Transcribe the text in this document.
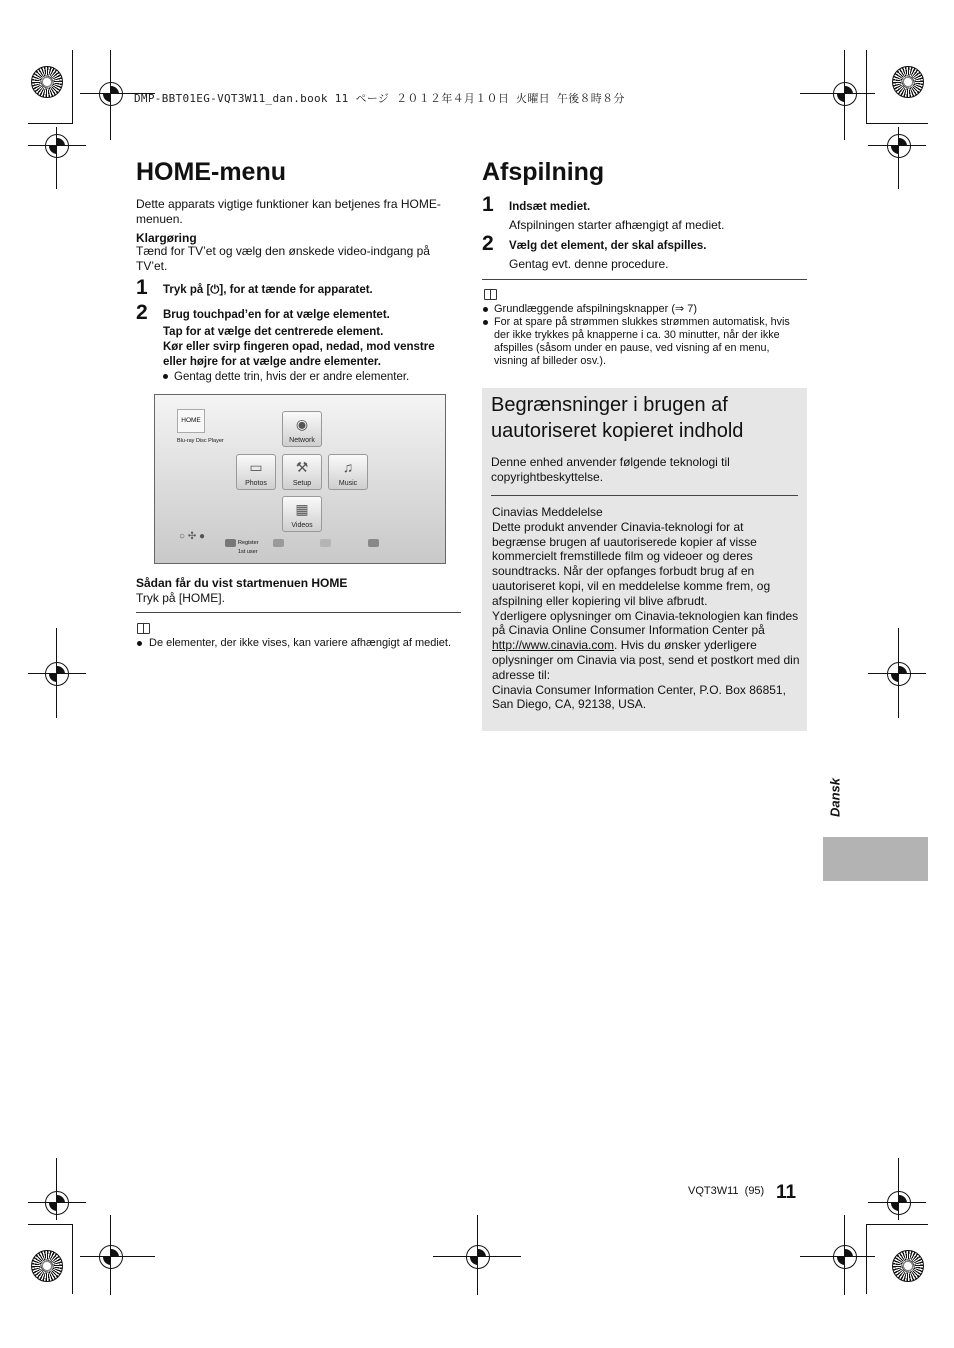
DMP-BBT01EG-VQT3W11_dan.book 11 ページ ２０１２年４月１０日 火曜日 午後８時８分
HOME-menu
Dette apparats vigtige funktioner kan betjenes fra HOME-menuen.
Klargøring
Tænd for TV’et og vælg den ønskede video-indgang på TV’et.
1 Tryk på [⏻], for at tænde for apparatet.
2 Brug touchpad’en for at vælge elementet.
Tap for at vælge det centrerede element.
Kør eller svirp fingeren opad, nedad, mod venstre
eller højre for at vælge andre elementer.
Gentag dette trin, hvis der er andre elementer.
HOME
Blu-ray Disc Player
◉
Network
▭
Photos
⚒
Setup
♫
Music
▦
Videos
○ ✣ ●
Register
1st user
Sådan får du vist startmenuen HOME
Tryk på [HOME].
De elementer, der ikke vises, kan variere afhængigt af mediet.
Afspilning
1 Indsæt mediet.
Afspilningen starter afhængigt af mediet.
2 Vælg det element, der skal afspilles.
Gentag evt. denne procedure.
Grundlæggende afspilningsknapper (⇒ 7)
For at spare på strømmen slukkes strømmen automatisk, hvis der ikke trykkes på knapperne i ca. 30 minutter, når der ikke afspilles (såsom under en pause, ved visning af en menu, visning af billeder osv.).
Begrænsninger i brugen af uautoriseret kopieret indhold
Denne enhed anvender følgende teknologi til copyrightbeskyttelse.
Cinavias Meddelelse
Dette produkt anvender Cinavia-teknologi for at begrænse brugen af uautoriserede kopier af visse kommercielt fremstillede film og videoer og deres soundtracks. Når der opfanges forbudt brug af en uautoriseret kopi, vil en meddelelse komme frem, og afspilning eller kopiering vil blive afbrudt.
Yderligere oplysninger om Cinavia-teknologien kan findes på Cinavia Online Consumer Information Center på http://www.cinavia.com. Hvis du ønsker yderligere oplysninger om Cinavia via post, send et postkort med din adresse til:
Cinavia Consumer Information Center, P.O. Box 86851, San Diego, CA, 92138, USA.
Dansk
VQT3W11 (95) 11
